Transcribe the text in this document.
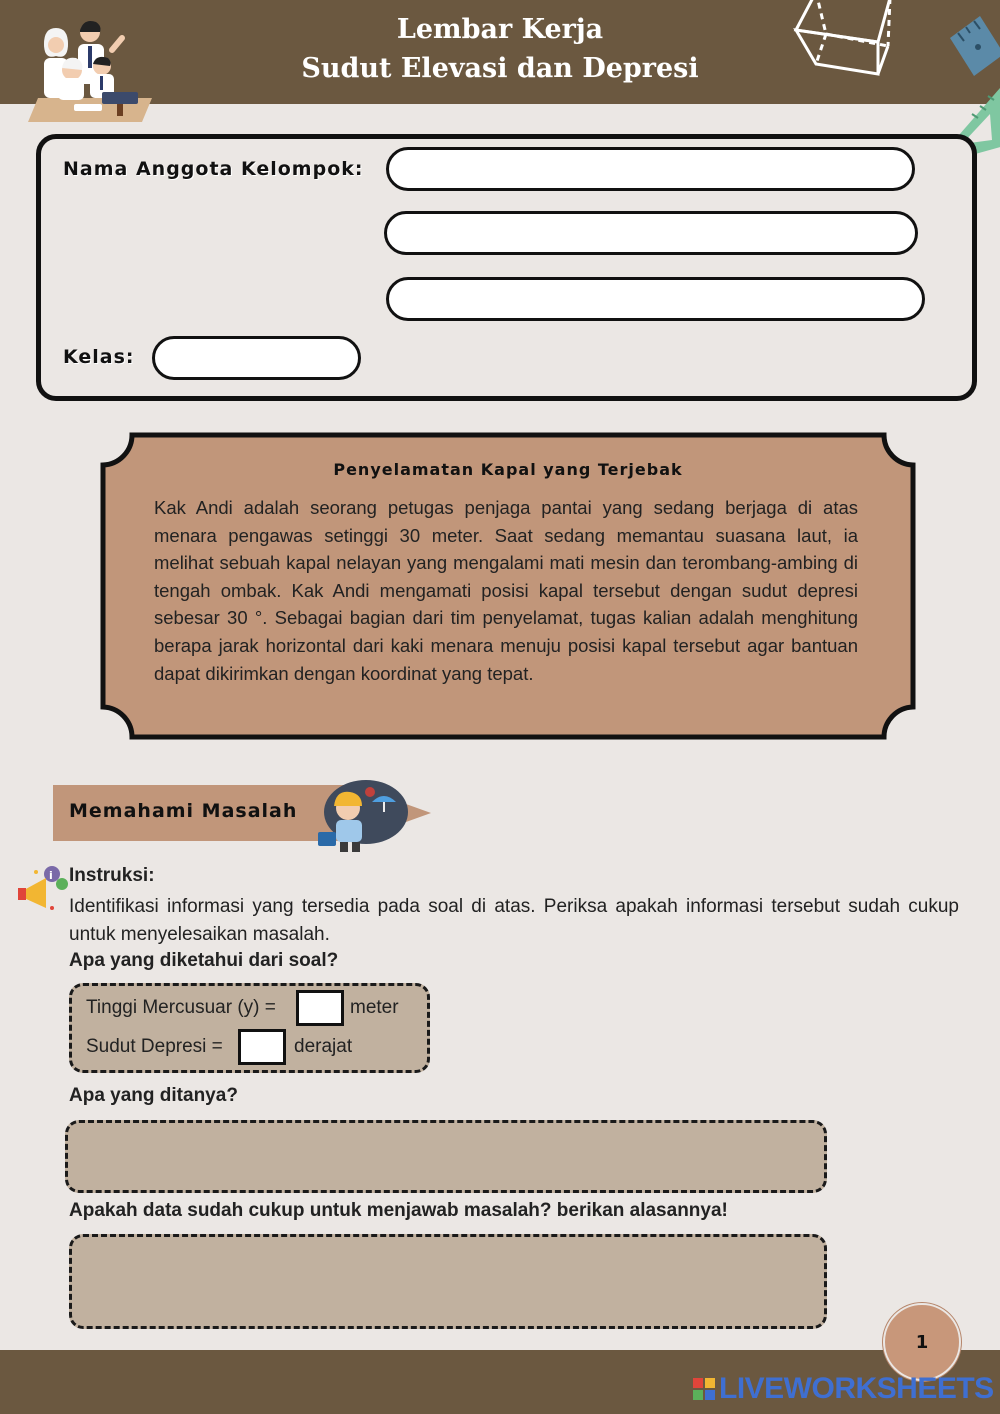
Lembar Kerja
Sudut Elevasi dan Depresi
Nama Anggota Kelompok:
Kelas:
Penyelamatan Kapal yang Terjebak
Kak Andi adalah seorang petugas penjaga pantai yang sedang berjaga di atas menara pengawas setinggi 30 meter. Saat sedang memantau suasana laut, ia melihat sebuah kapal nelayan yang mengalami mati mesin dan terombang-ambing di tengah ombak. Kak Andi mengamati posisi kapal tersebut dengan sudut depresi sebesar 30 °. Sebagai bagian dari tim penyelamat, tugas kalian adalah menghitung berapa jarak horizontal dari kaki menara menuju posisi kapal tersebut agar bantuan dapat dikirimkan dengan koordinat yang tepat.
Memahami Masalah
i Instruksi:
Identifikasi informasi yang tersedia pada soal di atas. Periksa apakah informasi tersebut sudah cukup untuk menyelesaikan masalah.
Apa yang diketahui dari soal?
Tinggi Mercusuar (y) =	meter
Sudut Depresi =	derajat
Apa yang ditanya?
Apakah data sudah cukup untuk menjawab masalah? berikan alasannya!
1
LIVEWORKSHEETS
